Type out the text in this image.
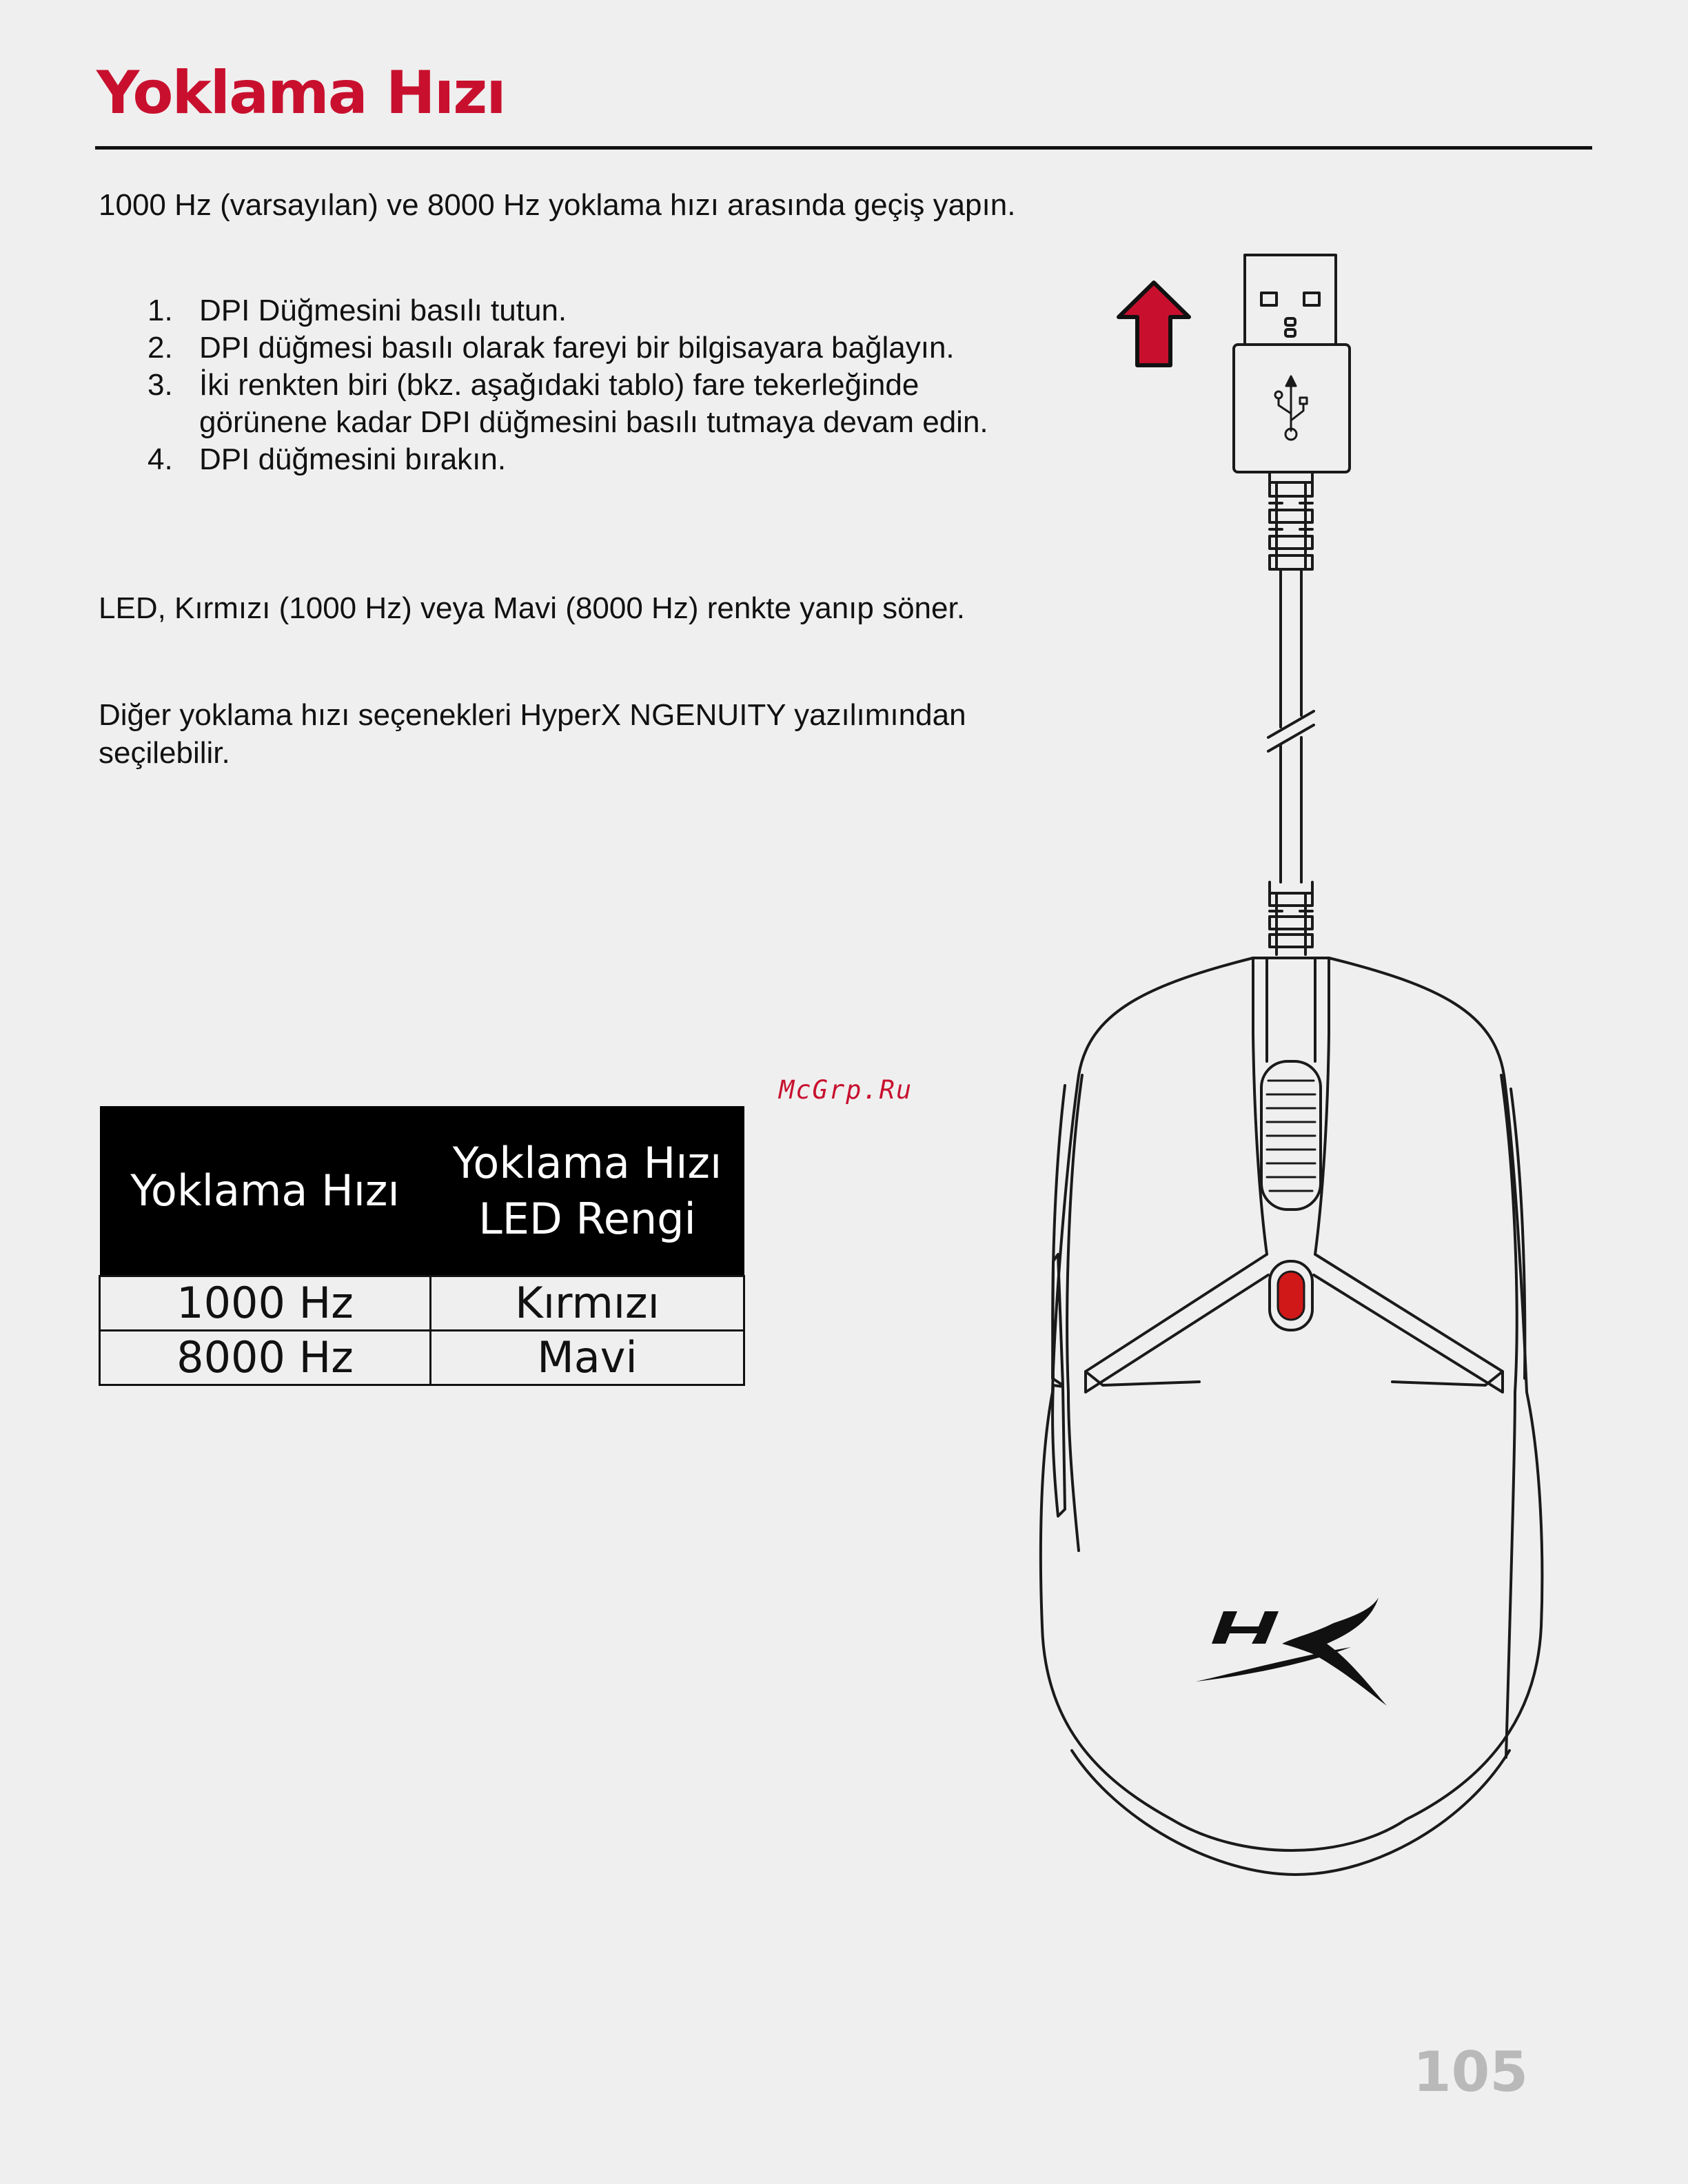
Yoklama Hızı

1000 Hz (varsayılan) ve 8000 Hz yoklama hızı arasında geçiş yapın.

1. DPI Düğmesini basılı tutun.
2. DPI düğmesi basılı olarak fareyi bir bilgisayara bağlayın.
3. İki renkten biri (bkz. aşağıdaki tablo) fare tekerleğinde görünene kadar DPI düğmesini basılı tutmaya devam edin.
4. DPI düğmesini bırakın.

LED, Kırmızı (1000 Hz) veya Mavi (8000 Hz) renkte yanıp söner.

Diğer yoklama hızı seçenekleri HyperX NGENUITY yazılımından seçilebilir.

McGrp.Ru
Yoklama Hızı	Yoklama Hızı LED Rengi
1000 Hz	Kırmızı
8000 Hz	Mavi

105
